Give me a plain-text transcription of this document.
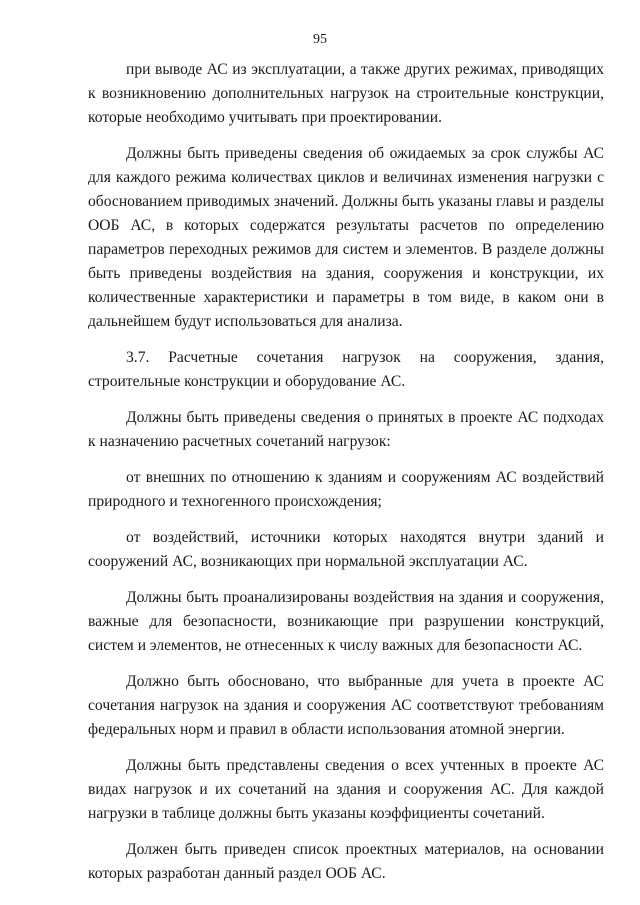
95

при выводе АС из эксплуатации, а также других режимах, приводящих к возникновению дополнительных нагрузок на строительные конструкции, которые необходимо учитывать при проектировании.

Должны быть приведены сведения об ожидаемых за срок службы АС для каждого режима количествах циклов и величинах изменения нагрузки с обоснованием приводимых значений. Должны быть указаны главы и разделы ООБ АС, в которых содержатся результаты расчетов по определению параметров переходных режимов для систем и элементов. В разделе должны быть приведены воздействия на здания, сооружения и конструкции, их количественные характеристики и параметры в том виде, в каком они в дальнейшем будут использоваться для анализа.

3.7. Расчетные сочетания нагрузок на сооружения, здания, строительные конструкции и оборудование АС.

Должны быть приведены сведения о принятых в проекте АС подходах к назначению расчетных сочетаний нагрузок:

от внешних по отношению к зданиям и сооружениям АС воздействий природного и техногенного происхождения;

от воздействий, источники которых находятся внутри зданий и сооружений АС, возникающих при нормальной эксплуатации АС.

Должны быть проанализированы воздействия на здания и сооружения, важные для безопасности, возникающие при разрушении конструкций, систем и элементов, не отнесенных к числу важных для безопасности АС.

Должно быть обосновано, что выбранные для учета в проекте АС сочетания нагрузок на здания и сооружения АС соответствуют требованиям федеральных норм и правил в области использования атомной энергии.

Должны быть представлены сведения о всех учтенных в проекте АС видах нагрузок и их сочетаний на здания и сооружения АС. Для каждой нагрузки в таблице должны быть указаны коэффициенты сочетаний.

Должен быть приведен список проектных материалов, на основании которых разработан данный раздел ООБ АС.
